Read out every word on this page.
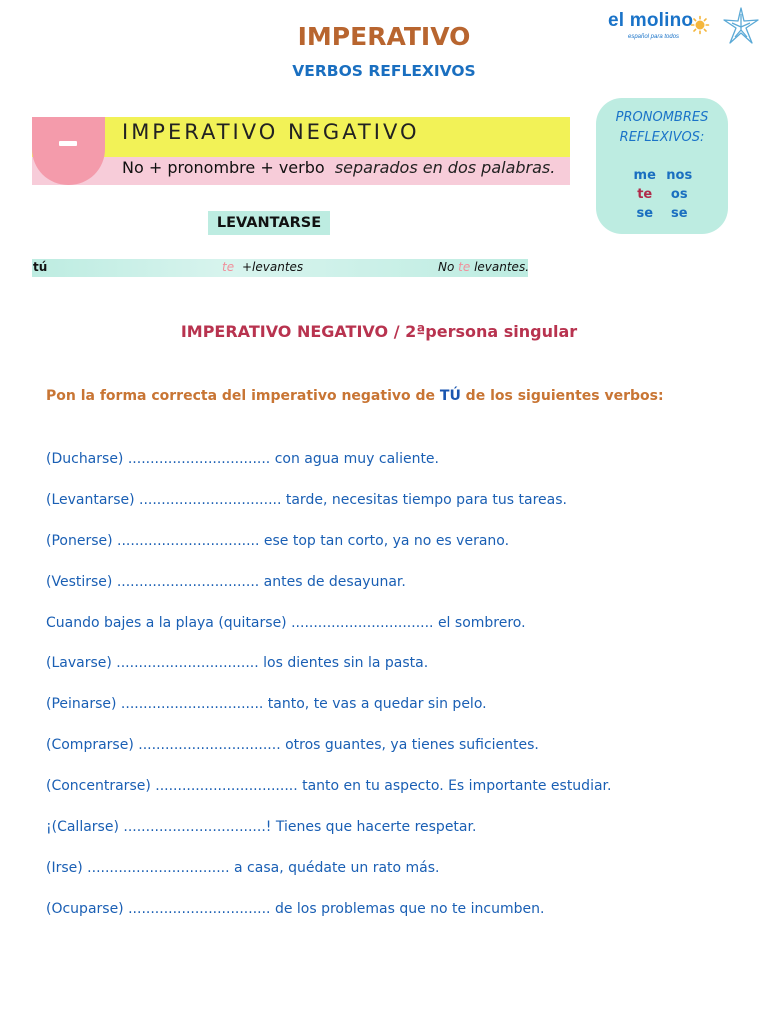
el molino
español para todos
IMPERATIVO
VERBOS REFLEXIVOS
IMPERATIVO NEGATIVO
No + pronombre + verbo separados en dos palabras.
PRONOMBRES
REFLEXIVOS:
me nos
te os
se se
LEVANTARSE
tú	te +levantes	No te levantes.
IMPERATIVO NEGATIVO / 2ªpersona singular
Pon la forma correcta del imperativo negativo de TÚ de los siguientes verbos:
(Ducharse) ................................ con agua muy caliente.
(Levantarse) ................................ tarde, necesitas tiempo para tus tareas.
(Ponerse) ................................ ese top tan corto, ya no es verano.
(Vestirse) ................................ antes de desayunar.
Cuando bajes a la playa (quitarse) ................................ el sombrero.
(Lavarse) ................................ los dientes sin la pasta.
(Peinarse) ................................ tanto, te vas a quedar sin pelo.
(Comprarse) ................................ otros guantes, ya tienes suficientes.
(Concentrarse) ................................ tanto en tu aspecto. Es importante estudiar.
¡(Callarse) ................................! Tienes que hacerte respetar.
(Irse) ................................ a casa, quédate un rato más.
(Ocuparse) ................................ de los problemas que no te incumben.
